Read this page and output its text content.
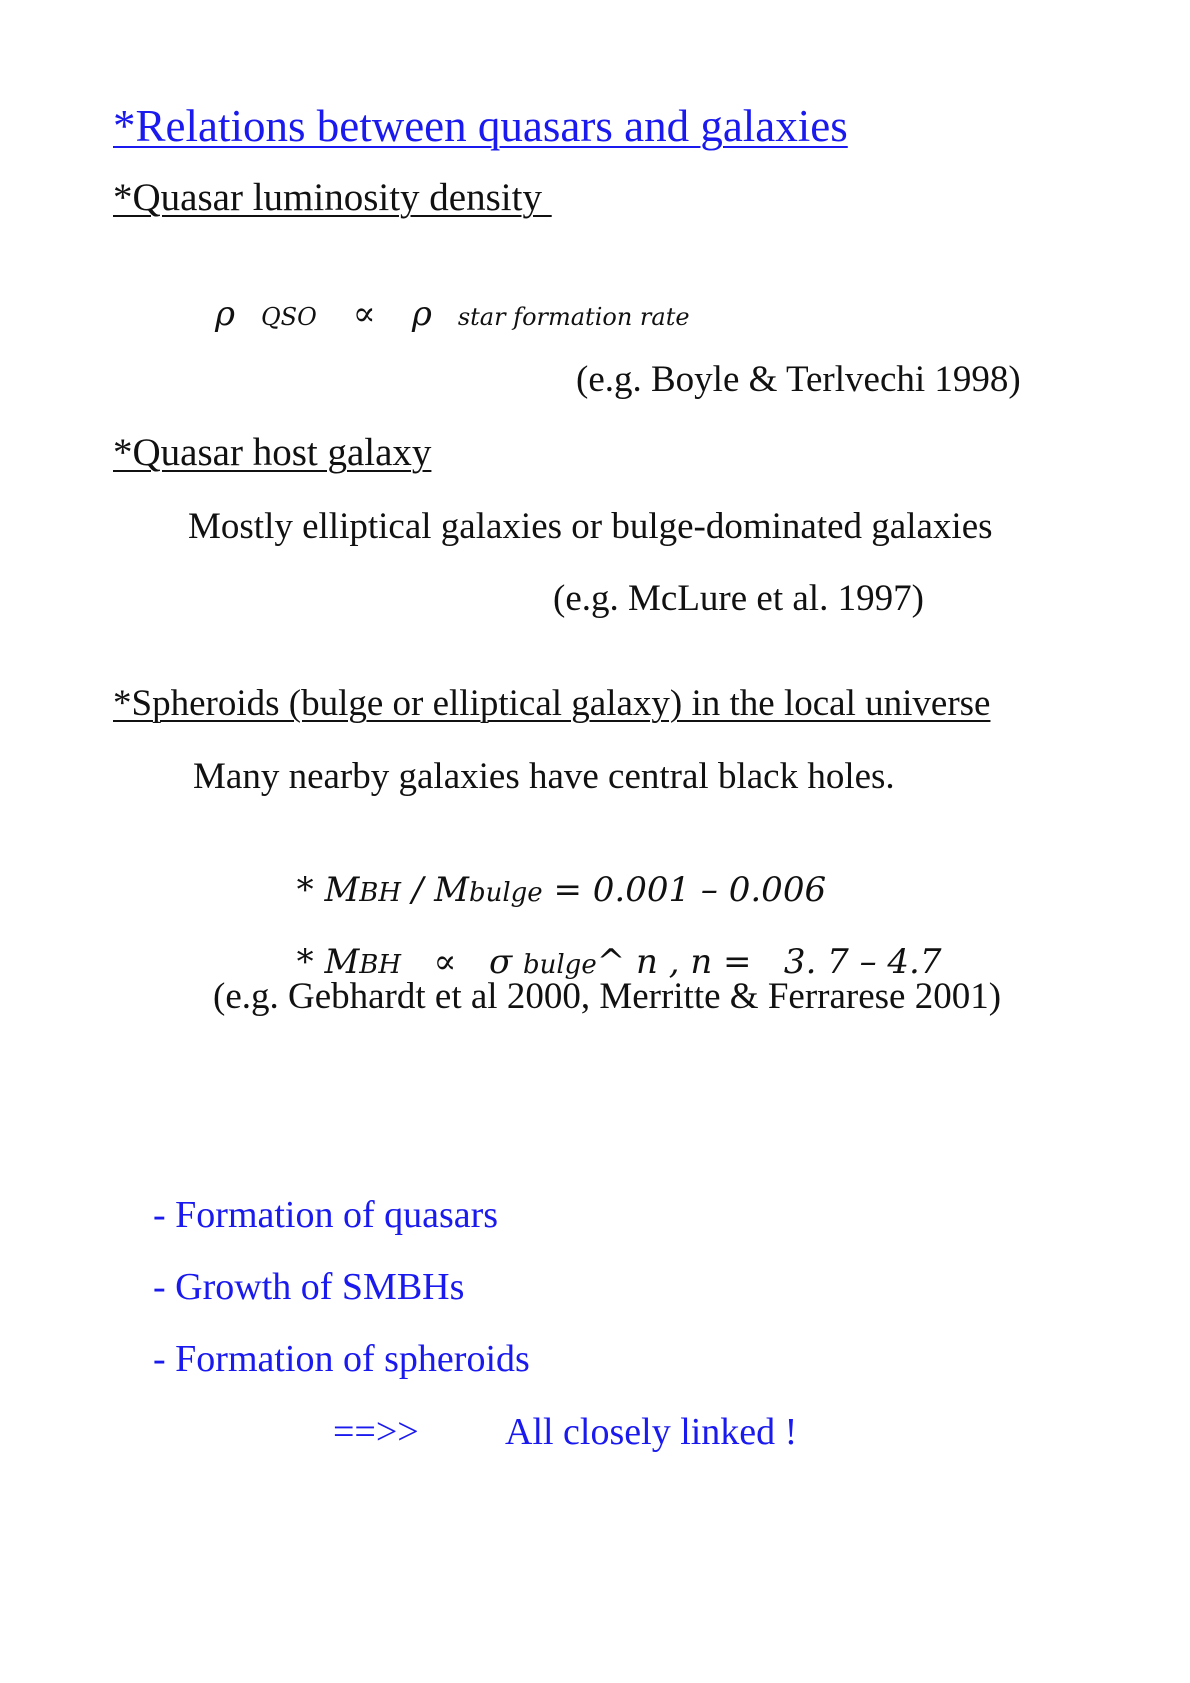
*Relations between quasars and galaxies
*Quasar luminosity density
ρ QSO ∝ ρ star formation rate
(e.g. Boyle & Terlvechi 1998)
*Quasar host galaxy
Mostly elliptical galaxies or bulge-dominated galaxies
(e.g. McLure et al. 1997)
*Spheroids (bulge or elliptical galaxy) in the local universe
Many nearby galaxies have central black holes.

* MBH / Mbulge = 0.001 – 0.006

* MBH ∝ σ bulge^ n , n =   3. 7 – 4.7

(e.g. Gebhardt et al 2000, Merritte & Ferrarese 2001)
- Formation of quasars
- Growth of SMBHs
- Formation of spheroids
==>> All closely linked !
